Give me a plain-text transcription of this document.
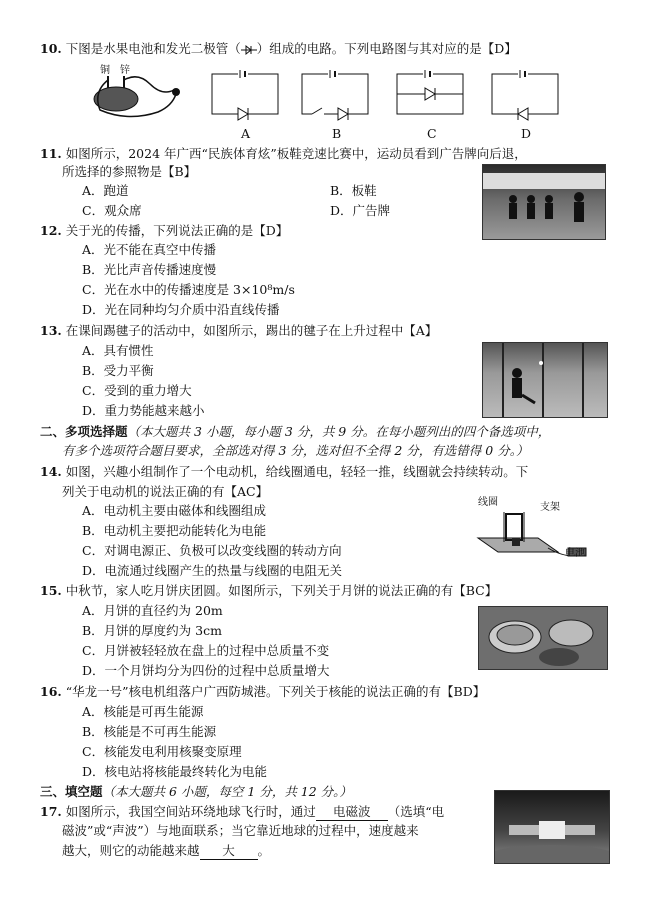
10. 下图是水果电池和发光二极管（ ）组成的电路。下列电路图与其对应的是【D】
铜 锌
A	B	C	D
11. 如图所示，2024 年广西“民族体育炫”板鞋竞速比赛中，运动员看到广告牌向后退，
所选择的参照物是【B】
A．跑道	B．板鞋
C．观众席	D．广告牌
12. 关于光的传播，下列说法正确的是【D】
A．光不能在真空中传播
B．光比声音传播速度慢
C．光在水中的传播速度是 3×10⁸m/s
D．光在同种均匀介质中沿直线传播
13. 在课间踢毽子的活动中，如图所示，踢出的毽子在上升过程中【A】
A．具有惯性
B．受力平衡
C．受到的重力增大
D．重力势能越来越小
二、多项选择题（本大题共 3 小题，每小题 3 分，共 9 分。在每小题列出的四个备选项中，
有多个选项符合题目要求，全部选对得 3 分，选对但不全得 2 分，有选错得 0 分。）
14. 如图，兴趣小组制作了一个电动机，给线圈通电，轻轻一推，线圈就会持续转动。下
列关于电动机的说法正确的有【AC】
A．电动机主要由磁体和线圈组成
B．电动机主要把动能转化为电能
C．对调电源正、负极可以改变线圈的转动方向
D．电流通过线圈产生的热量与线圈的电阻无关
线圈	支架
电池
15. 中秋节，家人吃月饼庆团圆。如图所示，下列关于月饼的说法正确的有【BC】
A．月饼的直径约为 20m
B．月饼的厚度约为 3cm
C．月饼被轻轻放在盘上的过程中总质量不变
D．一个月饼均分为四份的过程中总质量增大
16. “华龙一号”核电机组落户广西防城港。下列关于核能的说法正确的有【BD】
A．核能是可再生能源
B．核能是不可再生能源
C．核能发电利用核聚变原理
D．核电站将核能最终转化为电能
三、填空题（本大题共 6 小题，每空 1 分，共 12 分。）
17. 如图所示，我国空间站环绕地球飞行时，通过 电磁波 （选填“电
磁波”或“声波”）与地面联系；当它靠近地球的过程中，速度越来
越大，则它的动能越来越 大 。
